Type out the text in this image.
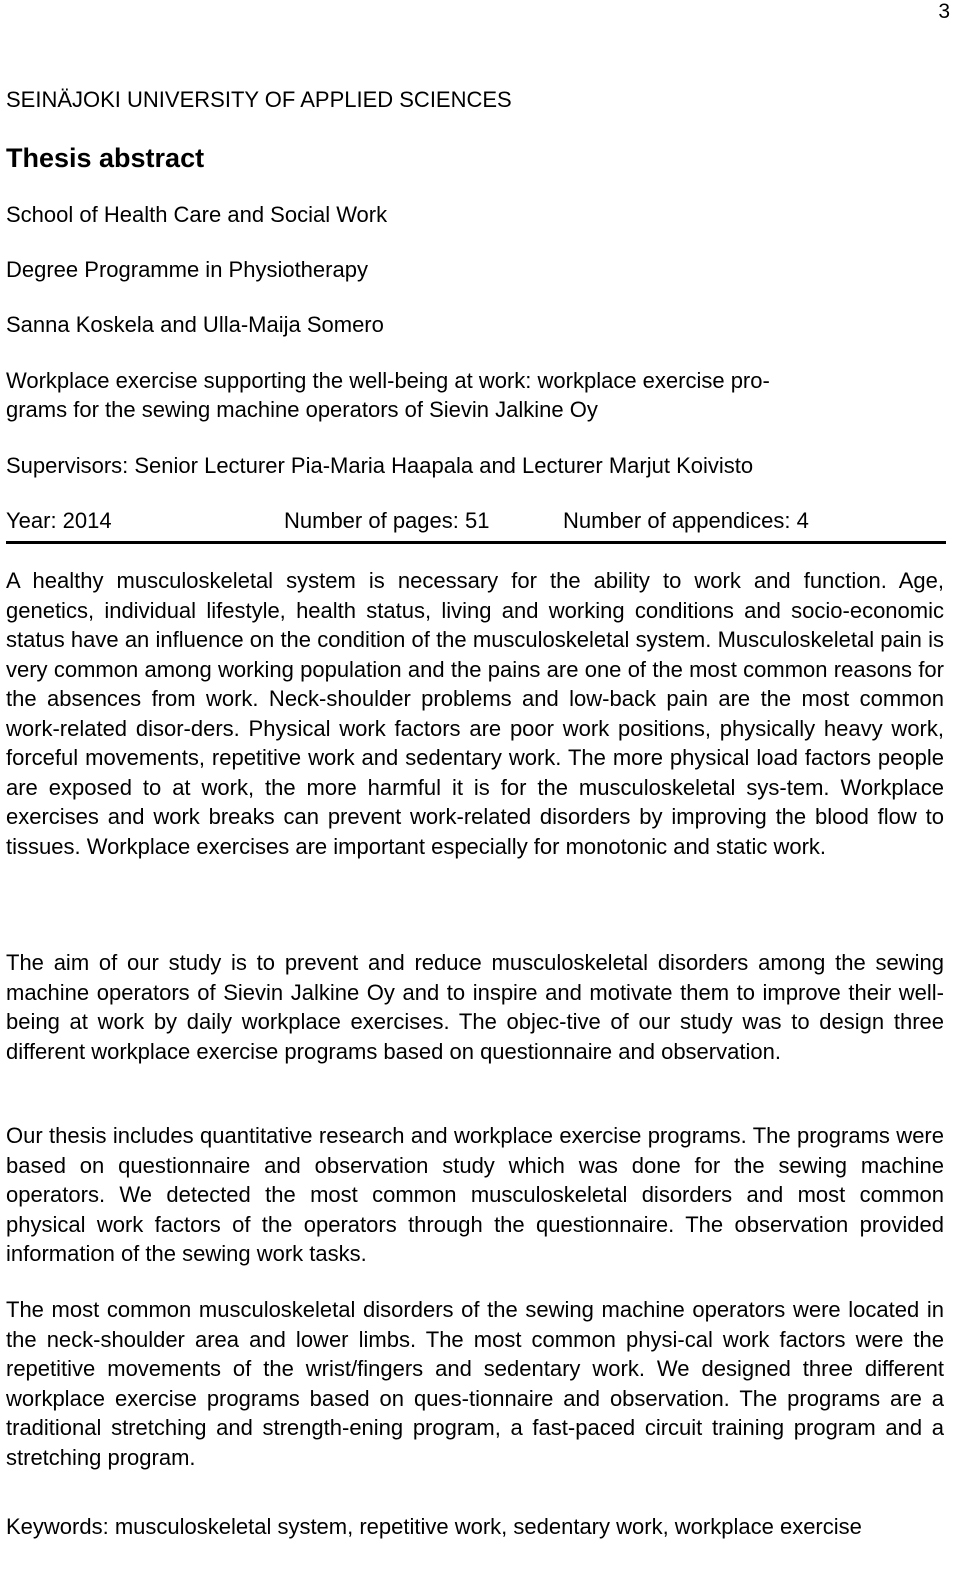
3
SEINÄJOKI UNIVERSITY OF APPLIED SCIENCES
Thesis abstract
School of Health Care and Social Work
Degree Programme in Physiotherapy
Sanna Koskela and Ulla-Maija Somero
Workplace exercise supporting the well-being at work: workplace exercise pro-
grams for the sewing machine operators of Sievin Jalkine Oy
Supervisors: Senior Lecturer Pia-Maria Haapala and Lecturer Marjut Koivisto
Year: 2014	Number of pages: 51	Number of appendices: 4
A healthy musculoskeletal system is necessary for the ability to work and function. Age, genetics, individual lifestyle, health status, living and working conditions and socio-economic status have an influence on the condition of the musculoskeletal system. Musculoskeletal pain is very common among working population and the pains are one of the most common reasons for the absences from work. Neck-shoulder problems and low-back pain are the most common work-related disor-ders. Physical work factors are poor work positions, physically heavy work, forceful movements, repetitive work and sedentary work. The more physical load factors people are exposed to at work, the more harmful it is for the musculoskeletal sys-tem. Workplace exercises and work breaks can prevent work-related disorders by improving the blood flow to tissues. Workplace exercises are important especially for monotonic and static work.
The aim of our study is to prevent and reduce musculoskeletal disorders among the sewing machine operators of Sievin Jalkine Oy and to inspire and motivate them to improve their well-being at work by daily workplace exercises. The objec-tive of our study was to design three different workplace exercise programs based on questionnaire and observation.
Our thesis includes quantitative research and workplace exercise programs. The programs were based on questionnaire and observation study which was done for the sewing machine operators. We detected the most common musculoskeletal disorders and most common physical work factors of the operators through the questionnaire. The observation provided information of the sewing work tasks.
The most common musculoskeletal disorders of the sewing machine operators were located in the neck-shoulder area and lower limbs. The most common physi-cal work factors were the repetitive movements of the wrist/fingers and sedentary work. We designed three different workplace exercise programs based on ques-tionnaire and observation. The programs are a traditional stretching and strength-ening program, a fast-paced circuit training program and a stretching program.
Keywords: musculoskeletal system, repetitive work, sedentary work, workplace exercise
